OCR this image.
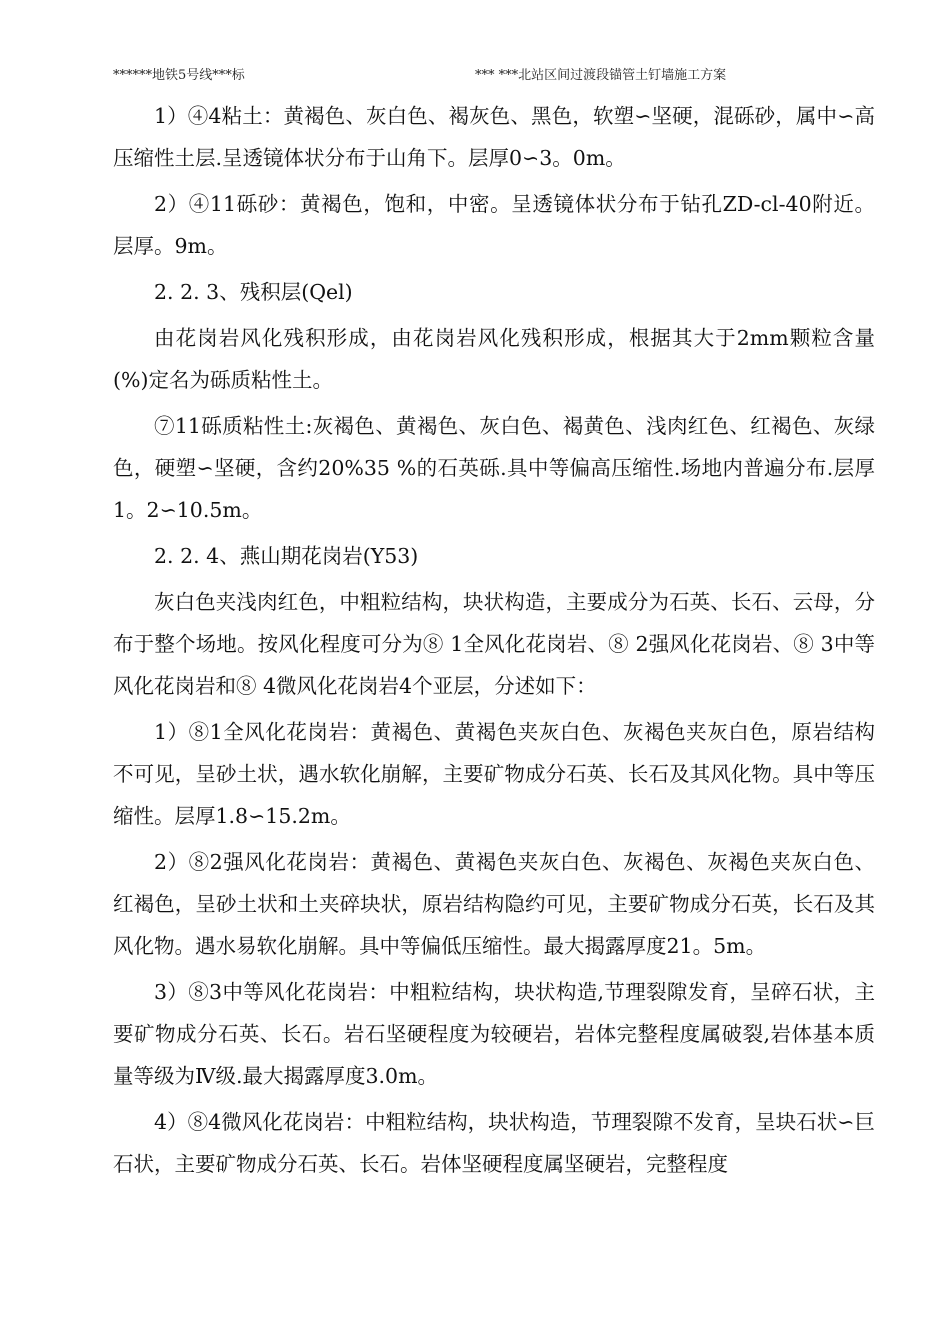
******地铁5号线***标	*** ***北站区间过渡段锚管土钉墙施工方案

1）④4粘土：黄褐色、灰白色、褐灰色、黑色，软塑∽坚硬，混砾砂，属中∽高压缩性土层.呈透镜体状分布于山角下。层厚0∽3。0m。

2）④11砾砂：黄褐色，饱和，中密。呈透镜体状分布于钻孔ZD-cl-40附近。层厚。9m。

2. 2. 3、残积层(Qel)

由花岗岩风化残积形成，由花岗岩风化残积形成，根据其大于2mm颗粒含量(%)定名为砾质粘性土。

⑦11砾质粘性土:灰褐色、黄褐色、灰白色、褐黄色、浅肉红色、红褐色、灰绿色，硬塑∽坚硬，含约20%35 %的石英砾.具中等偏高压缩性.场地内普遍分布.层厚1。2∽10.5m。

2. 2. 4、燕山期花岗岩(Y53)

灰白色夹浅肉红色，中粗粒结构，块状构造，主要成分为石英、长石、云母，分布于整个场地。按风化程度可分为⑧ 1全风化花岗岩、⑧ 2强风化花岗岩、⑧ 3中等风化花岗岩和⑧ 4微风化花岗岩4个亚层，分述如下：

1）⑧1全风化花岗岩：黄褐色、黄褐色夹灰白色、灰褐色夹灰白色，原岩结构不可见，呈砂土状，遇水软化崩解，主要矿物成分石英、长石及其风化物。具中等压缩性。层厚1.8∽15.2m。

2）⑧2强风化花岗岩：黄褐色、黄褐色夹灰白色、灰褐色、灰褐色夹灰白色、红褐色，呈砂土状和土夹碎块状，原岩结构隐约可见，主要矿物成分石英，长石及其风化物。遇水易软化崩解。具中等偏低压缩性。最大揭露厚度21。5m。

3）⑧3中等风化花岗岩：中粗粒结构，块状构造,节理裂隙发育，呈碎石状，主要矿物成分石英、长石。岩石坚硬程度为较硬岩，岩体完整程度属破裂,岩体基本质量等级为Ⅳ级.最大揭露厚度3.0m。

4）⑧4微风化花岗岩：中粗粒结构，块状构造，节理裂隙不发育，呈块石状∽巨石状，主要矿物成分石英、长石。岩体坚硬程度属坚硬岩，完整程度
